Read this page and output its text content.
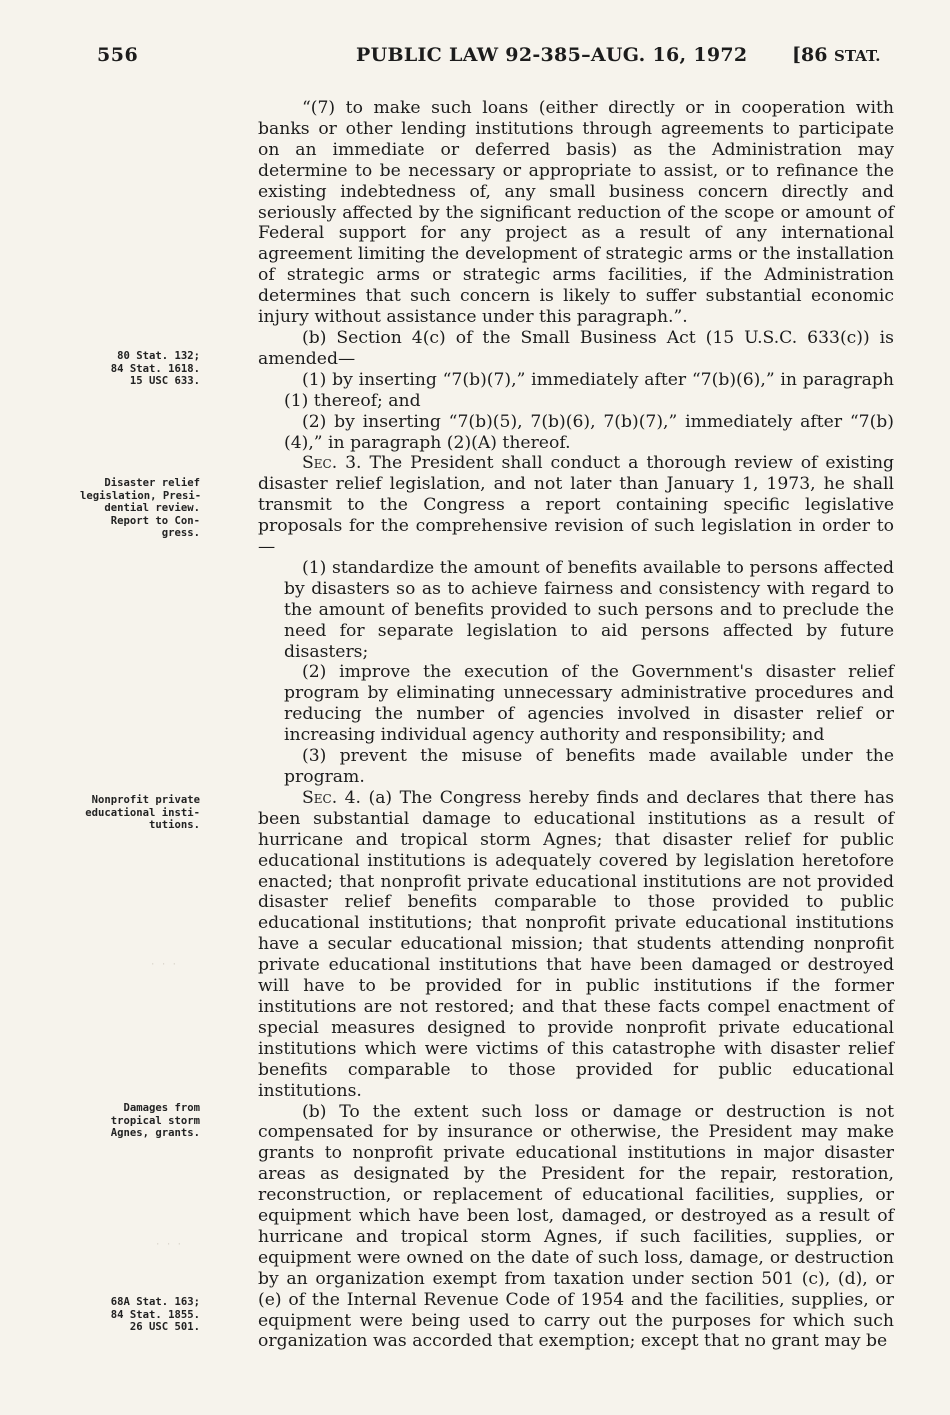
556	PUBLIC LAW 92-385–AUG. 16, 1972 [86 STAT.
· · ·
· · ·

“(7) to make such loans (either directly or in cooperation with banks or other lending institutions through agreements to participate on an immediate or deferred basis) as the Administration may determine to be necessary or appropriate to assist, or to refinance the existing indebtedness of, any small business concern directly and seriously affected by the significant reduction of the scope or amount of Federal support for any project as a result of any international agreement limiting the development of strategic arms or the installation of strategic arms or strategic arms facilities, if the Administration determines that such concern is likely to suffer substantial economic injury without assistance under this paragraph.”.

(b) Section 4(c) of the Small Business Act (15 U.S.C. 633(c)) is amended—

(1) by inserting “7(b)(7),” immediately after “7(b)(6),” in paragraph (1) thereof; and

(2) by inserting “7(b)(5), 7(b)(6), 7(b)(7),” immediately after “7(b)(4),” in paragraph (2)(A) thereof.

Sec. 3. The President shall conduct a thorough review of existing disaster relief legislation, and not later than January 1, 1973, he shall transmit to the Congress a report containing specific legislative proposals for the comprehensive revision of such legislation in order to—

(1) standardize the amount of benefits available to persons affected by disasters so as to achieve fairness and consistency with regard to the amount of benefits provided to such persons and to preclude the need for separate legislation to aid persons affected by future disasters;

(2) improve the execution of the Government's disaster relief program by eliminating unnecessary administrative procedures and reducing the number of agencies involved in disaster relief or increasing individual agency authority and responsibility; and

(3) prevent the misuse of benefits made available under the program.

Sec. 4. (a) The Congress hereby finds and declares that there has been substantial damage to educational institutions as a result of hurricane and tropical storm Agnes; that disaster relief for public educational institutions is adequately covered by legislation heretofore enacted; that nonprofit private educational institutions are not provided disaster relief benefits comparable to those provided to public educational institutions; that nonprofit private educational institutions have a secular educational mission; that students attending nonprofit private educational institutions that have been damaged or destroyed will have to be provided for in public institutions if the former institutions are not restored; and that these facts compel enactment of special measures designed to provide nonprofit private educational institutions which were victims of this catastrophe with disaster relief benefits comparable to those provided for public educational institutions.

(b) To the extent such loss or damage or destruction is not compensated for by insurance or otherwise, the President may make grants to nonprofit private educational institutions in major disaster areas as designated by the President for the repair, restoration, reconstruction, or replacement of educational facilities, supplies, or equipment which have been lost, damaged, or destroyed as a result of hurricane and tropical storm Agnes, if such facilities, supplies, or equipment were owned on the date of such loss, damage, or destruction by an organization exempt from taxation under section 501 (c), (d), or (e) of the Internal Revenue Code of 1954 and the facilities, supplies, or equipment were being used to carry out the purposes for which such organization was accorded that exemption; except that no grant may be

80 Stat. 132;
84 Stat. 1618.
15 USC 633.
Disaster relief
legislation, Presi-
dential review.
Report to Con-
gress.
Nonprofit private
educational insti-
tutions.
Damages from
tropical storm
Agnes, grants.
68A Stat. 163;
84 Stat. 1855.
26 USC 501.
